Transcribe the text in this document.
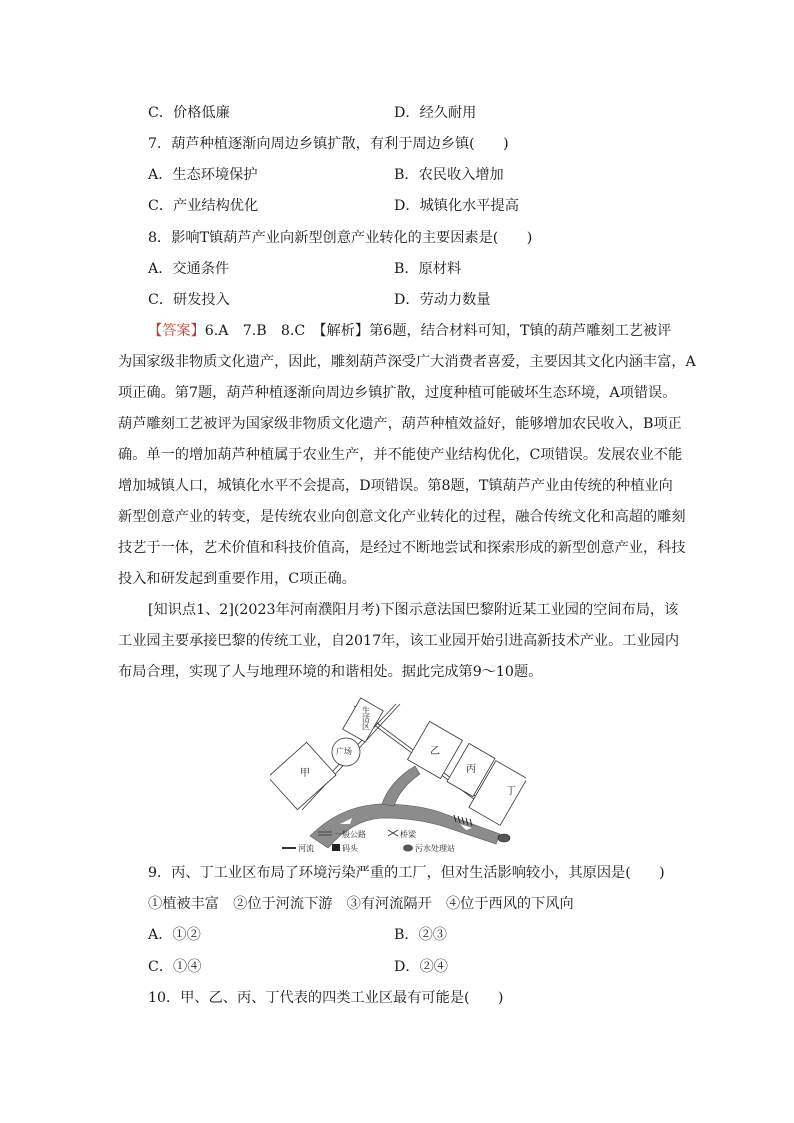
C．价格低廉	D．经久耐用
7．葫芦种植逐渐向周边乡镇扩散，有利于周边乡镇(　　)
A．生态环境保护	B．农民收入增加
C．产业结构优化	D．城镇化水平提高
8．影响T镇葫芦产业向新型创意产业转化的主要因素是(　　)
A．交通条件	B．原材料
C．研发投入	D．劳动力数量
【答案】6.A　7.B　8.C　【解析】第6题，结合材料可知，T镇的葫芦雕刻工艺被评
为国家级非物质文化遗产，因此，雕刻葫芦深受广大消费者喜爱，主要因其文化内涵丰富，A
项正确。第7题，葫芦种植逐渐向周边乡镇扩散，过度种植可能破坏生态环境，A项错误。
葫芦雕刻工艺被评为国家级非物质文化遗产，葫芦种植效益好，能够增加农民收入，B项正
确。单一的增加葫芦种植属于农业生产，并不能使产业结构优化，C项错误。发展农业不能
增加城镇人口，城镇化水平不会提高，D项错误。第8题，T镇葫芦产业由传统的种植业向
新型创意产业的转变，是传统农业向创意文化产业转化的过程，融合传统文化和高超的雕刻
技艺于一体，艺术价值和科技价值高，是经过不断地尝试和探索形成的新型创意产业，科技
投入和研发起到重要作用，C项正确。
[知识点1、2](2023年河南濮阳月考)下图示意法国巴黎附近某工业园的空间布局，该
工业园主要承接巴黎的传统工业，自2017年，该工业园开始引进高新技术产业。工业园内
布局合理，实现了人与地理环境的和谐相处。据此完成第9～10题。
甲
广场	乙
丙
丁
生活区
一般公路	桥梁
河流	码头	污水处理站
9．丙、丁工业区布局了环境污染严重的工厂，但对生活影响较小，其原因是(　　)
①植被丰富　②位于河流下游　③有河流隔开　④位于西风的下风向
A．①②	B．②③
C．①④	D．②④
10．甲、乙、丙、丁代表的四类工业区最有可能是(　　)
